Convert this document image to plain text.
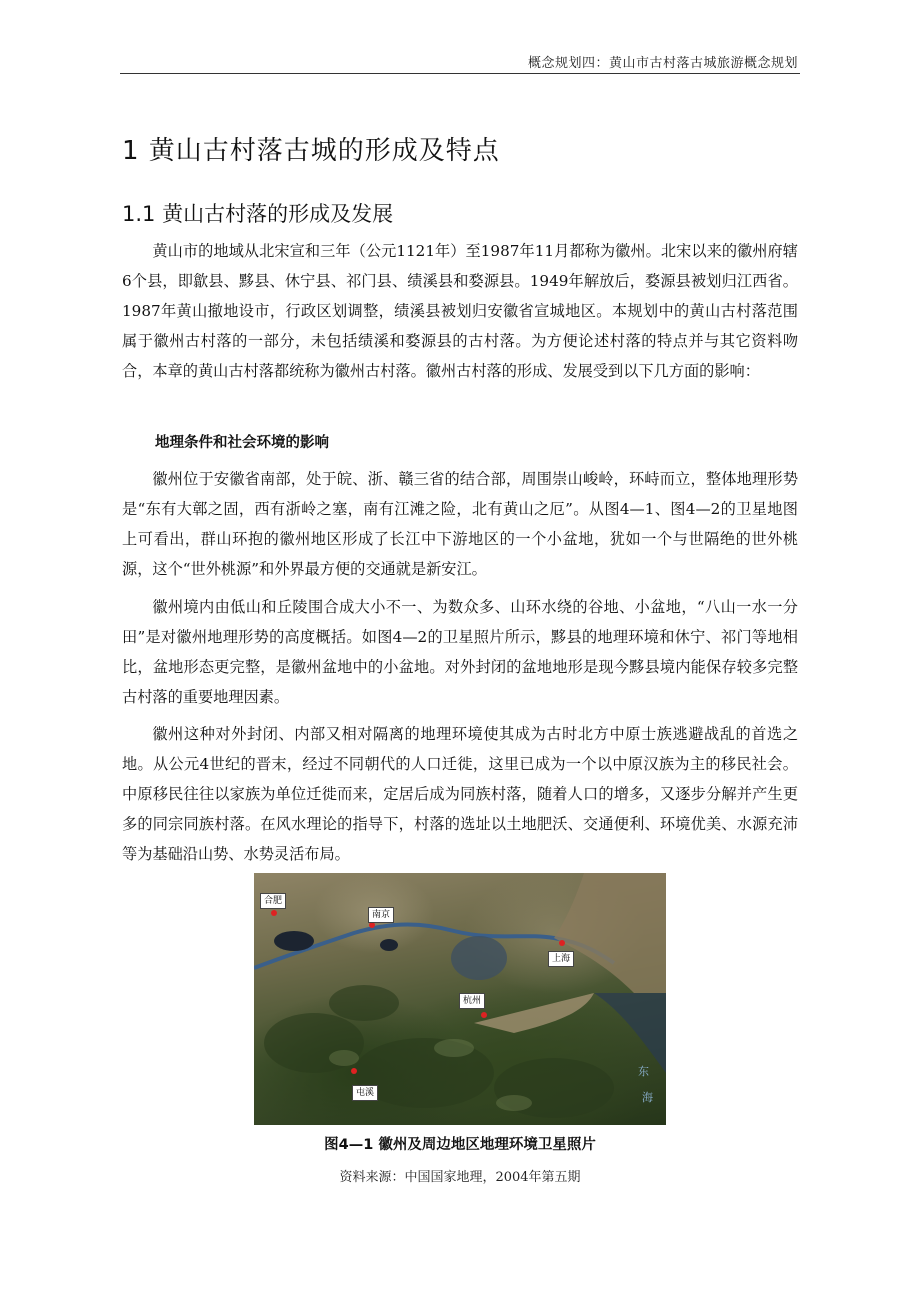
概念规划四：黄山市古村落古城旅游概念规划
1 黄山古村落古城的形成及特点
1.1 黄山古村落的形成及发展

黄山市的地域从北宋宣和三年（公元1121年）至1987年11月都称为徽州。北宋以来的徽州府辖6个县，即歙县、黟县、休宁县、祁门县、绩溪县和婺源县。1949年解放后，婺源县被划归江西省。1987年黄山撤地设市，行政区划调整，绩溪县被划归安徽省宣城地区。本规划中的黄山古村落范围属于徽州古村落的一部分，未包括绩溪和婺源县的古村落。为方便论述村落的特点并与其它资料吻合，本章的黄山古村落都统称为徽州古村落。徽州古村落的形成、发展受到以下几方面的影响：

地理条件和社会环境的影响

徽州位于安徽省南部，处于皖、浙、赣三省的结合部，周围崇山峻岭，环峙而立，整体地理形势是“东有大鄣之固，西有浙岭之塞，南有江滩之险，北有黄山之厄”。从图4—1、图4—2的卫星地图上可看出，群山环抱的徽州地区形成了长江中下游地区的一个小盆地，犹如一个与世隔绝的世外桃源，这个“世外桃源”和外界最方便的交通就是新安江。

徽州境内由低山和丘陵围合成大小不一、为数众多、山环水绕的谷地、小盆地，“八山一水一分田”是对徽州地理形势的高度概括。如图4—2的卫星照片所示，黟县的地理环境和休宁、祁门等地相比，盆地形态更完整，是徽州盆地中的小盆地。对外封闭的盆地地形是现今黟县境内能保存较多完整古村落的重要地理因素。

徽州这种对外封闭、内部又相对隔离的地理环境使其成为古时北方中原士族逃避战乱的首选之地。从公元4世纪的晋末，经过不同朝代的人口迁徙，这里已成为一个以中原汉族为主的移民社会。中原移民往往以家族为单位迁徙而来，定居后成为同族村落，随着人口的增多，又逐步分解并产生更多的同宗同族村落。在风水理论的指导下，村落的选址以土地肥沃、交通便利、环境优美、水源充沛等为基础沿山势、水势灵活布局。

合肥
南京
上海
杭州
屯溪
东
海

图4—1 徽州及周边地区地理环境卫星照片

资料来源：中国国家地理，2004年第五期
